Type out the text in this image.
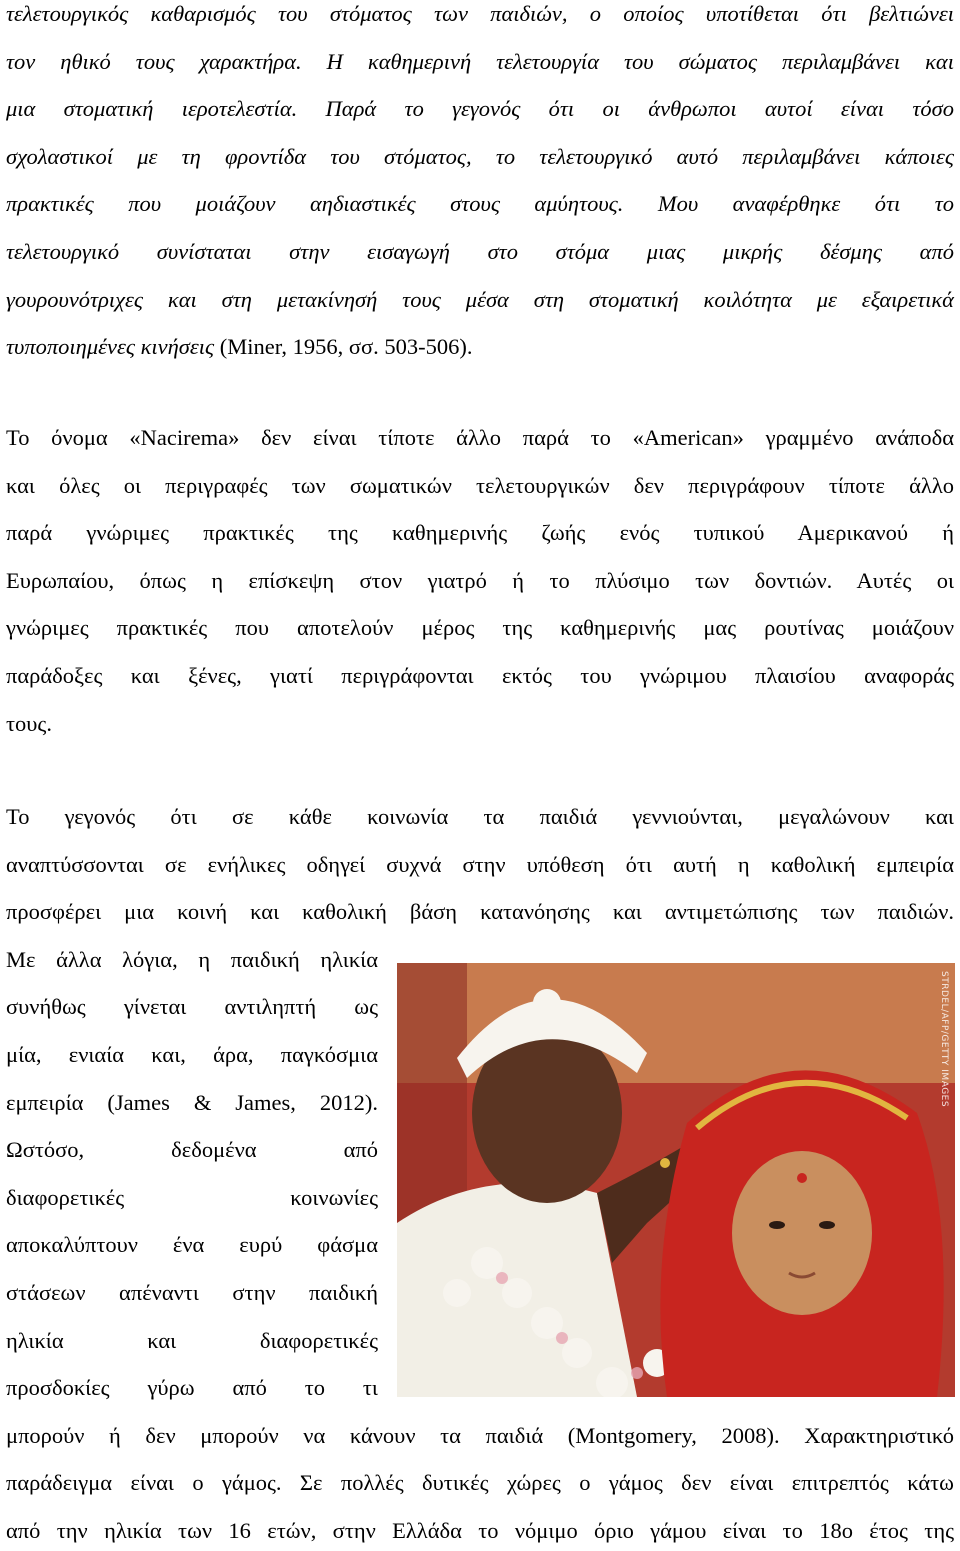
τελετουργικός καθαρισμός του στόματος των παιδιών, ο οποίος υποτίθεται ότι βελτιώνει
τον ηθικό τους χαρακτήρα. Η καθημερινή τελετουργία του σώματος περιλαμβάνει και
μια στοματική ιεροτελεστία. Παρά το γεγονός ότι οι άνθρωποι αυτοί είναι τόσο
σχολαστικοί με τη φροντίδα του στόματος, το τελετουργικό αυτό περιλαμβάνει κάποιες
πρακτικές που μοιάζουν αηδιαστικές στους αμύητους. Μου αναφέρθηκε ότι το
τελετουργικό συνίσταται στην εισαγωγή στο στόμα μιας μικρής δέσμης από
γουρουνότριχες και στη μετακίνησή τους μέσα στη στοματική κοιλότητα με εξαιρετικά
τυποποιημένες κινήσεις (Miner, 1956, σσ. 503-506).
Το όνομα «Nacirema» δεν είναι τίποτε άλλο παρά το «American» γραμμένο ανάποδα
και όλες οι περιγραφές των σωματικών τελετουργικών δεν περιγράφουν τίποτε άλλο
παρά γνώριμες πρακτικές της καθημερινής ζωής ενός τυπικού Αμερικανού ή
Ευρωπαίου, όπως η επίσκεψη στον γιατρό ή το πλύσιμο των δοντιών. Αυτές οι
γνώριμες πρακτικές που αποτελούν μέρος της καθημερινής μας ρουτίνας μοιάζουν
παράδοξες και ξένες, γιατί περιγράφονται εκτός του γνώριμου πλαισίου αναφοράς
τους.
Το γεγονός ότι σε κάθε κοινωνία τα παιδιά γεννιούνται, μεγαλώνουν και
αναπτύσσονται σε ενήλικες οδηγεί συχνά στην υπόθεση ότι αυτή η καθολική εμπειρία
προσφέρει μια κοινή και καθολική βάση κατανόησης και αντιμετώπισης των παιδιών.
Με άλλα λόγια, η παιδική ηλικία
συνήθως γίνεται αντιληπτή ως
μία, ενιαία και, άρα, παγκόσμια
εμπειρία (James & James, 2012).
Ωστόσο, δεδομένα από
διαφορετικές κοινωνίες
αποκαλύπτουν ένα ευρύ φάσμα
στάσεων απέναντι στην παιδική
ηλικία και διαφορετικές
προσδοκίες γύρω από το τι
μπορούν ή δεν μπορούν να κάνουν τα παιδιά (Montgomery, 2008). Χαρακτηριστικό
παράδειγμα είναι ο γάμος. Σε πολλές δυτικές χώρες ο γάμος δεν είναι επιτρεπτός κάτω
από την ηλικία των 16 ετών, στην Ελλάδα το νόμιμο όριο γάμου είναι το 18ο έτος της
STRDEL/AFP/GETTY IMAGES
